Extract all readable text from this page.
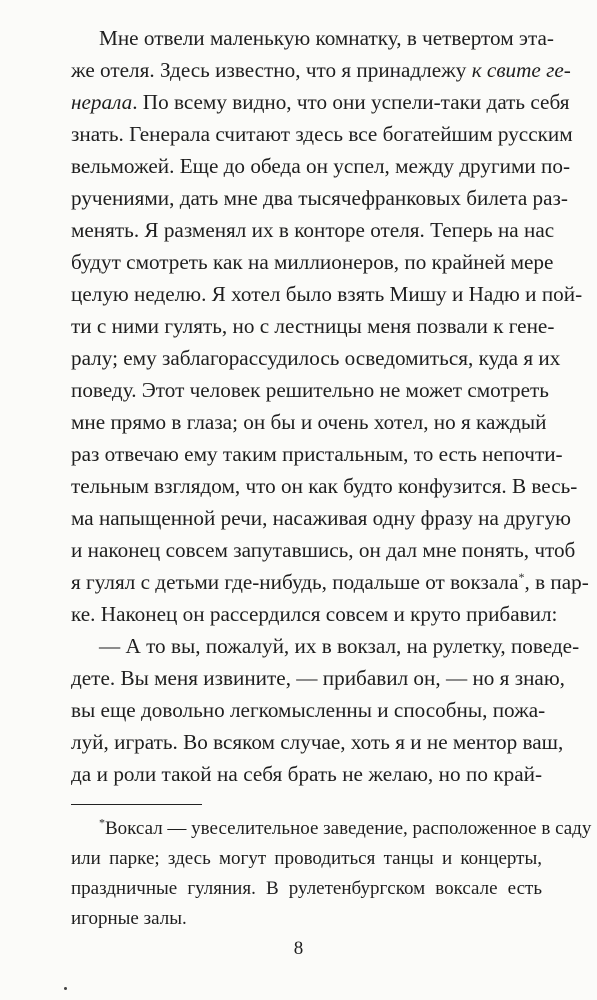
Мне отвели маленькую комнатку, в четвертом эта-
же отеля. Здесь известно, что я принадлежу к свите ге-
нерала. По всему видно, что они успели-таки дать себя
знать. Генерала считают здесь все богатейшим русским
вельможей. Еще до обеда он успел, между другими по-
ручениями, дать мне два тысячефранковых билета раз-
менять. Я разменял их в конторе отеля. Теперь на нас
будут смотреть как на миллионеров, по крайней мере
целую неделю. Я хотел было взять Мишу и Надю и пой-
ти с ними гулять, но с лестницы меня позвали к гене-
ралу; ему заблагорассудилось осведомиться, куда я их
поведу. Этот человек решительно не может смотреть
мне прямо в глаза; он бы и очень хотел, но я каждый
раз отвечаю ему таким пристальным, то есть непочти-
тельным взглядом, что он как будто конфузится. В весь-
ма напыщенной речи, насаживая одну фразу на другую
и наконец совсем запутавшись, он дал мне понять, чтоб
я гулял с детьми где-нибудь, подальше от вокзала*, в пар-
ке. Наконец он рассердился совсем и круто прибавил:
— А то вы, пожалуй, их в вокзал, на рулетку, поведе-
дете. Вы меня извините, — прибавил он, — но я знаю,
вы еще довольно легкомысленны и способны, пожа-
луй, играть. Во всяком случае, хоть я и не ментор ваш,
да и роли такой на себя брать не желаю, но по край-
*Воксал — увеселительное заведение, расположенное в саду
или парке; здесь могут проводиться танцы и концерты,
праздничные гуляния. В рулетенбургском воксале есть
игорные залы.
8
